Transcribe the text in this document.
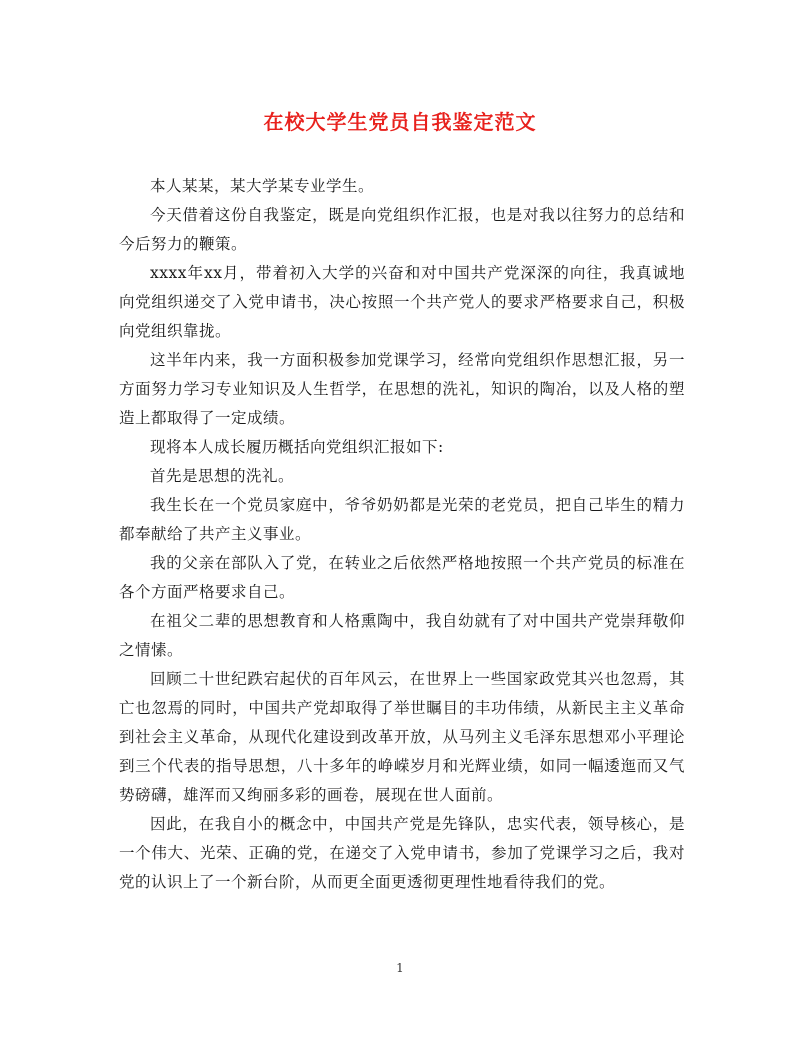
在校大学生党员自我鉴定范文

本人某某，某大学某专业学生。

今天借着这份自我鉴定，既是向党组织作汇报，也是对我以往努力的总结和今后努力的鞭策。

xxxx年xx月，带着初入大学的兴奋和对中国共产党深深的向往，我真诚地向党组织递交了入党申请书，决心按照一个共产党人的要求严格要求自己，积极向党组织靠拢。

这半年内来，我一方面积极参加党课学习，经常向党组织作思想汇报，另一方面努力学习专业知识及人生哲学，在思想的洗礼，知识的陶冶，以及人格的塑造上都取得了一定成绩。

现将本人成长履历概括向党组织汇报如下:

首先是思想的洗礼。

我生长在一个党员家庭中，爷爷奶奶都是光荣的老党员，把自己毕生的精力都奉献给了共产主义事业。

我的父亲在部队入了党，在转业之后依然严格地按照一个共产党员的标准在各个方面严格要求自己。

在祖父二辈的思想教育和人格熏陶中，我自幼就有了对中国共产党崇拜敬仰之情愫。

回顾二十世纪跌宕起伏的百年风云，在世界上一些国家政党其兴也忽焉，其亡也忽焉的同时，中国共产党却取得了举世瞩目的丰功伟绩，从新民主主义革命到社会主义革命，从现代化建设到改革开放，从马列主义毛泽东思想邓小平理论到三个代表的指导思想，八十多年的峥嵘岁月和光辉业绩，如同一幅逶迤而又气势磅礴，雄浑而又绚丽多彩的画卷，展现在世人面前。

因此，在我自小的概念中，中国共产党是先锋队，忠实代表，领导核心，是一个伟大、光荣、正确的党，在递交了入党申请书，参加了党课学习之后，我对党的认识上了一个新台阶，从而更全面更透彻更理性地看待我们的党。

1
